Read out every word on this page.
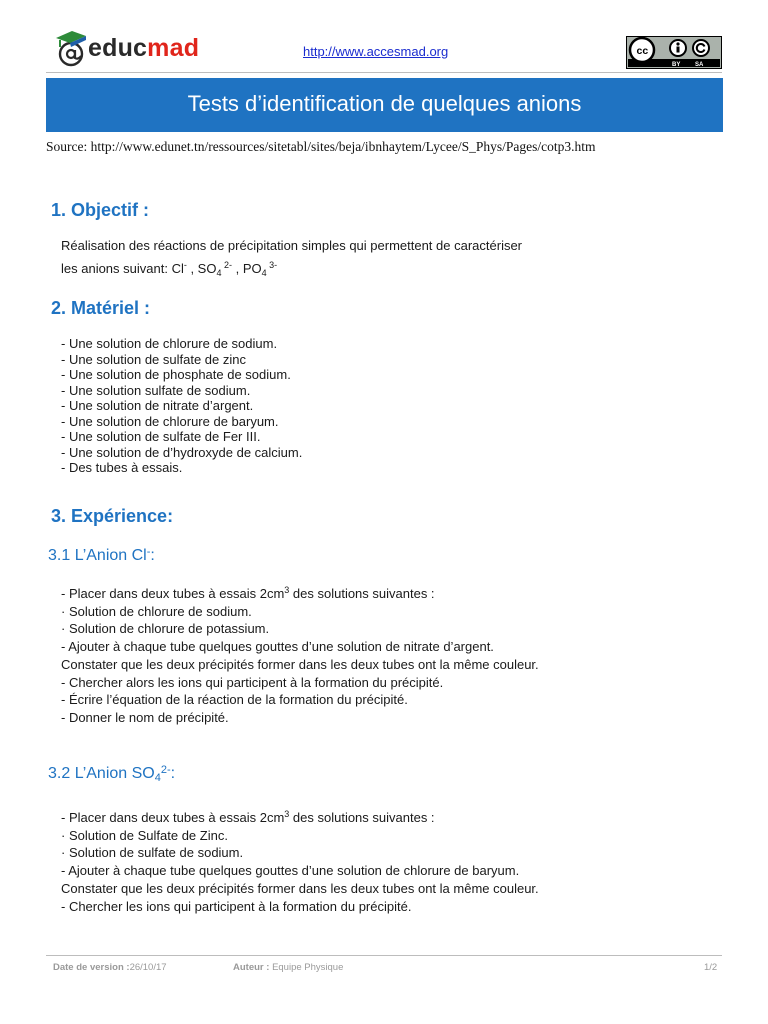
educmad	http://www.accesmad.org	cc
BY SA
Tests d’identification de quelques anions
Source: http://www.edunet.tn/ressources/sitetabl/sites/beja/ibnhaytem/Lycee/S_Phys/Pages/cotp3.htm
1. Objectif :
Réalisation des réactions de précipitation simples qui permettent de caractériser
les anions suivant: Cl- , $SO_4$ $^{2-}$ , $PO_4$ $^{3-}$
2. Matériel :
- Une solution de chlorure de sodium.
- Une solution de sulfate de zinc
- Une solution de phosphate de sodium.
- Une solution sulfate de sodium.
- Une solution de nitrate d’argent.
- Une solution de chlorure de baryum.
- Une solution de sulfate de Fer III.
- Une solution de d’hydroxyde de calcium.
- Des tubes à essais.
3. Expérience:
3.1 L’Anion Cl-:
- Placer dans deux tubes à essais $2cm^3$ des solutions suivantes :
· Solution de chlorure de sodium.
· Solution de chlorure de potassium.
- Ajouter à chaque tube quelques gouttes d’une solution de nitrate d’argent.
Constater que les deux précipités former dans les deux tubes ont la même couleur.
- Chercher alors les ions qui participent à la formation du précipité.
- Écrire l’équation de la réaction de la formation du précipité.
- Donner le nom de précipité.
3.2 L’Anion $SO_4^{2-}$:
- Placer dans deux tubes à essais $2cm^3$ des solutions suivantes :
· Solution de Sulfate de Zinc.
· Solution de sulfate de sodium.
- Ajouter à chaque tube quelques gouttes d’une solution de chlorure de baryum.
Constater que les deux précipités former dans les deux tubes ont la même couleur.
- Chercher les ions qui participent à la formation du précipité.
Date de version :26/10/17	Auteur : Equipe Physique	1/2
